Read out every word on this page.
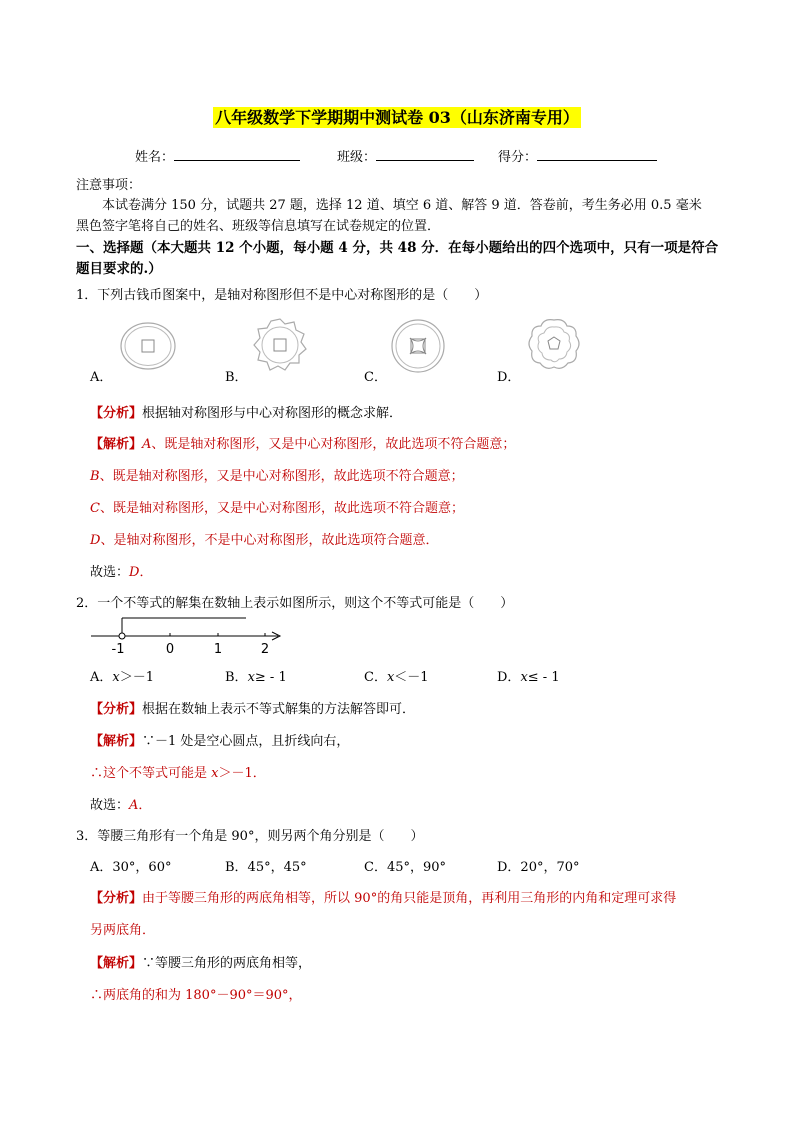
八年级数学下学期期中测试卷 03（山东济南专用）
姓名：	班级：	得分：
注意事项：
本试卷满分 150 分，试题共 27 题，选择 12 道、填空 6 道、解答 9 道．答卷前，考生务必用 0.5 毫米
黑色签字笔将自己的姓名、班级等信息填写在试卷规定的位置．
一、选择题（本大题共 12 个小题，每小题 4 分，共 48 分．在每小题给出的四个选项中，只有一项是符合
题目要求的.）
1．下列古钱币图案中，是轴对称图形但不是中心对称图形的是（　　）
A．	B．	C．	D．
【分析】根据轴对称图形与中心对称图形的概念求解．
【解析】A、既是轴对称图形，又是中心对称图形，故此选项不符合题意；
B、既是轴对称图形，又是中心对称图形，故此选项不符合题意；
C、既是轴对称图形，又是中心对称图形，故此选项不符合题意；
D、是轴对称图形，不是中心对称图形，故此选项符合题意．
故选：D．
2．一个不等式的解集在数轴上表示如图所示，则这个不等式可能是（　　）
-1	0	1	2
A．x＞－1	B．x≥ - 1	C．x＜－1	D．x≤ - 1
【分析】根据在数轴上表示不等式解集的方法解答即可．
【解析】∵－1 处是空心圆点，且折线向右，
∴这个不等式可能是 x＞－1．
故选：A．
3．等腰三角形有一个角是 90°，则另两个角分别是（　　）
A．30°，60°	B．45°，45°	C．45°，90°	D．20°，70°
【分析】由于等腰三角形的两底角相等，所以 90°的角只能是顶角，再利用三角形的内角和定理可求得
另两底角．
【解析】∵等腰三角形的两底角相等，
∴两底角的和为 180°－90°＝90°，
